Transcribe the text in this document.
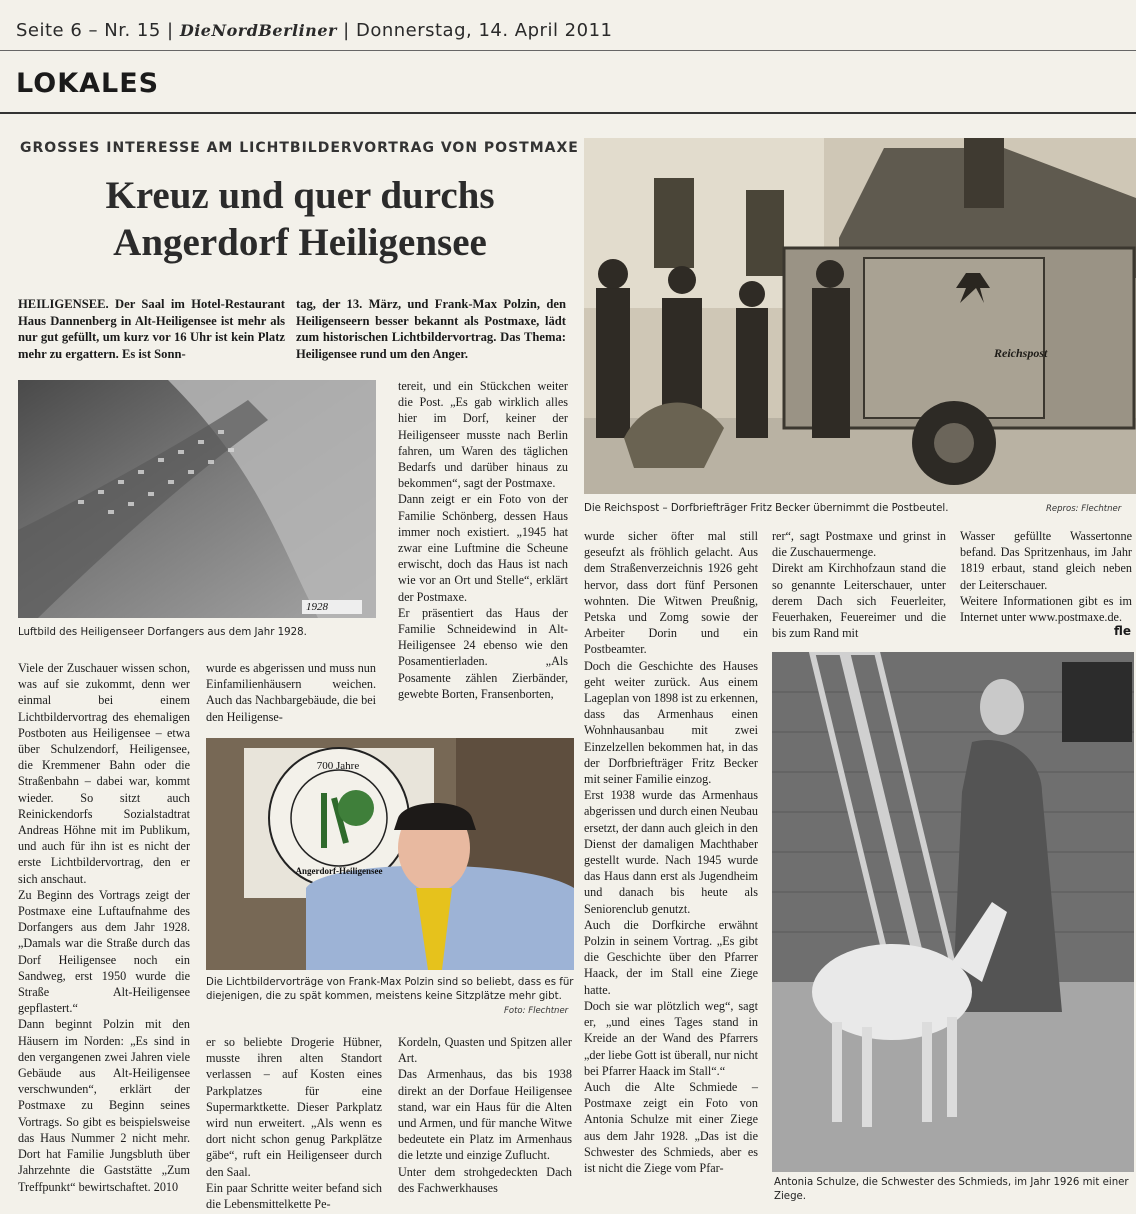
Seite 6 – Nr. 15 | DieNordBerliner | Donnerstag, 14. April 2011
LOKALES
GROSSES INTERESSE AM LICHTBILDERVORTRAG VON POSTMAXE
Kreuz und quer durchs
Angerdorf Heiligensee
HEILIGENSEE. Der Saal im Hotel-Restaurant Haus Dannenberg in Alt-Heiligensee ist mehr als nur gut gefüllt, um kurz vor 16 Uhr ist kein Platz mehr zu ergattern. Es ist Sonn-
tag, der 13. März, und Frank-Max Polzin, den Heiligenseern besser bekannt als Postmaxe, lädt zum historischen Lichtbildervortrag. Das Thema: Heiligensee rund um den Anger.
1928
Luftbild des Heiligenseer Dorfangers aus dem Jahr 1928.

tereit, und ein Stückchen weiter die Post. „Es gab wirklich alles hier im Dorf, keiner der Heiligenseer musste nach Berlin fahren, um Waren des täglichen Bedarfs und darüber hinaus zu bekommen“, sagt der Postmaxe.

Dann zeigt er ein Foto von der Familie Schönberg, dessen Haus immer noch existiert. „1945 hat zwar eine Luftmine die Scheune erwischt, doch das Haus ist nach wie vor an Ort und Stelle“, erklärt der Postmaxe.

Er präsentiert das Haus der Familie Schneidewind in Alt-Heiligensee 24 ebenso wie den Posamentierladen. „Als Posamente zählen Zierbänder, gewebte Borten, Fransenborten,

Reichspost
Die Reichspost – Dorfbriefträger Fritz Becker übernimmt die Postbeutel.	Repros: Flechtner

Viele der Zuschauer wissen schon, was auf sie zukommt, denn wer einmal bei einem Lichtbildervortrag des ehemaligen Postboten aus Heiligensee – etwa über Schulzendorf, Heiligensee, die Kremmener Bahn oder die Straßenbahn – dabei war, kommt wieder. So sitzt auch Reinickendorfs Sozialstadtrat Andreas Höhne mit im Publikum, und auch für ihn ist es nicht der erste Lichtbildervortrag, den er sich anschaut.

Zu Beginn des Vortrags zeigt der Postmaxe eine Luftaufnahme des Dorfangers aus dem Jahr 1928. „Damals war die Straße durch das Dorf Heiligensee noch ein Sandweg, erst 1950 wurde die Straße Alt-Heiligensee gepflastert.“

Dann beginnt Polzin mit den Häusern im Norden: „Es sind in den vergangenen zwei Jahren viele Gebäude aus Alt-Heiligensee verschwunden“, erklärt der Postmaxe zu Beginn seines Vortrags. So gibt es beispielsweise das Haus Nummer 2 nicht mehr. Dort hat Familie Jungsbluth über Jahrzehnte die Gaststätte „Zum Treffpunkt“ bewirtschaftet. 2010

wurde es abgerissen und muss nun Einfamilienhäusern weichen. Auch das Nachbargebäude, die bei den Heiligense-
700 Jahre
Angerdorf-Heiligensee
Die Lichtbildervorträge von Frank-Max Polzin sind so beliebt, dass es für diejenigen, die zu spät kommen, meistens keine Sitzplätze mehr gibt.
Foto: Flechtner

er so beliebte Drogerie Hübner, musste ihren alten Standort verlassen – auf Kosten eines Parkplatzes für eine Supermarktkette. Dieser Parkplatz wird nun erweitert. „Als wenn es dort nicht schon genug Parkplätze gäbe“, ruft ein Heiligenseer durch den Saal.

Ein paar Schritte weiter befand sich die Lebensmittelkette Pe-

Kordeln, Quasten und Spitzen aller Art.

Das Armenhaus, das bis 1938 direkt an der Dorfaue Heiligensee stand, war ein Haus für die Alten und Armen, und für manche Witwe bedeutete ein Platz im Armenhaus die letzte und einzige Zuflucht.

Unter dem strohgedeckten Dach des Fachwerkhauses

wurde sicher öfter mal still geseufzt als fröhlich gelacht. Aus dem Straßenverzeichnis 1926 geht hervor, dass dort fünf Personen wohnten. Die Witwen Preußnig, Petska und Zomg sowie der Arbeiter Dorin und ein Postbeamter.

Doch die Geschichte des Hauses geht weiter zurück. Aus einem Lageplan von 1898 ist zu erkennen, dass das Armenhaus einen Wohnhausanbau mit zwei Einzelzellen bekommen hat, in das der Dorfbriefträger Fritz Becker mit seiner Familie einzog.

Erst 1938 wurde das Armenhaus abgerissen und durch einen Neubau ersetzt, der dann auch gleich in den Dienst der damaligen Machthaber gestellt wurde. Nach 1945 wurde das Haus dann erst als Jugendheim und danach bis heute als Seniorenclub genutzt.

Auch die Dorfkirche erwähnt Polzin in seinem Vortrag. „Es gibt die Geschichte über den Pfarrer Haack, der im Stall eine Ziege hatte.

Doch sie war plötzlich weg“, sagt er, „und eines Tages stand in Kreide an der Wand des Pfarrers „der liebe Gott ist überall, nur nicht bei Pfarrer Haack im Stall“.“

Auch die Alte Schmiede – Postmaxe zeigt ein Foto von Antonia Schulze mit einer Ziege aus dem Jahr 1928. „Das ist die Schwester des Schmieds, aber es ist nicht die Ziege vom Pfar-

rer“, sagt Postmaxe und grinst in die Zuschauermenge.

Direkt am Kirchhofzaun stand die so genannte Leiterschauer, unter derem Dach sich Feuerleiter, Feuerhaken, Feuereimer und die bis zum Rand mit

Wasser gefüllte Wassertonne befand. Das Spritzenhaus, im Jahr 1819 erbaut, stand gleich neben der Leiterschauer.

Weitere Informationen gibt es im Internet unter www.postmaxe.de.

fle
Antonia Schulze, die Schwester des Schmieds, im Jahr 1926 mit einer Ziege.
